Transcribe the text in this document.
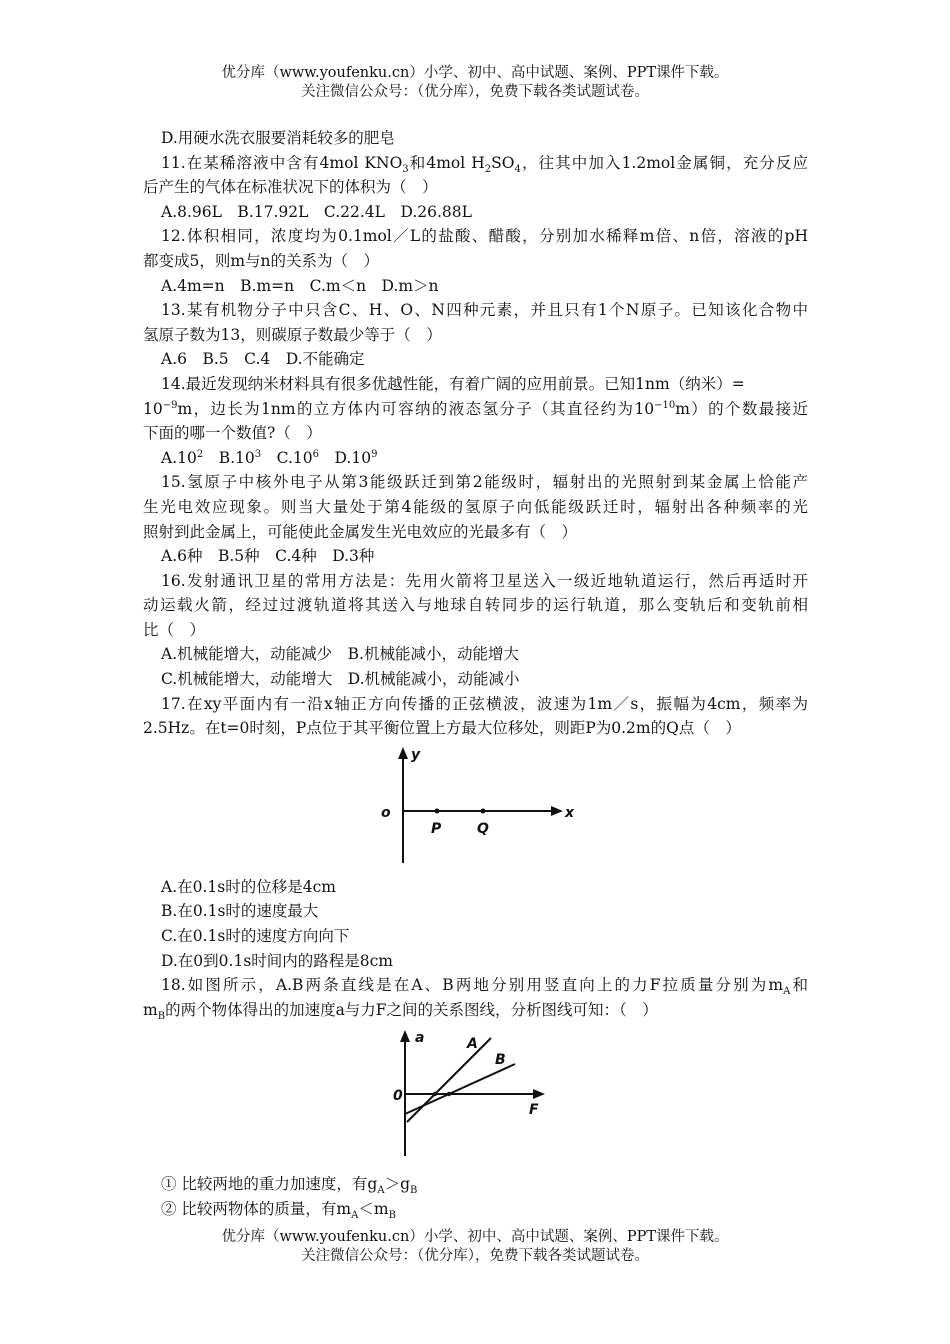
优分库（www.youfenku.cn）小学、初中、高中试题、案例、PPT课件下载。
关注微信公众号：（优分库），免费下载各类试题试卷。
D.用硬水洗衣服要消耗较多的肥皂
11.在某稀溶液中含有4mol $KNO_3$和4mol $H_2SO_4$，往其中加入1.2mol金属铜，充分反应
后产生的气体在标准状况下的体积为（　）
A.8.96L　B.17.92L　C.22.4L　D.26.88L
12.体积相同，浓度均为0.1mol／L的盐酸、醋酸，分别加水稀释m倍、n倍，溶液的pH
都变成5，则m与n的关系为（　）
A.4m=n　B.m=n　C.m＜n　D.m＞n
13.某有机物分子中只含C、H、O、N四种元素，并且只有1个N原子。已知该化合物中
氢原子数为13，则碳原子数最少等于（　）
A.6　B.5　C.4　D.不能确定
14.最近发现纳米材料具有很多优越性能，有着广阔的应用前景。已知1nm（纳米）=
$10^{-9}m$，边长为1nm的立方体内可容纳的液态氢分子（其直径约为$10^{-10}m$）的个数最接近
下面的哪一个数值?（　）
$A.10^2$　 $B.10^3$　 $C.10^6$　 $D.10^9$
15.氢原子中核外电子从第3能级跃迁到第2能级时，辐射出的光照射到某金属上恰能产
生光电效应现象。则当大量处于第4能级的氢原子向低能级跃迁时，辐射出各种频率的光
照射到此金属上，可能使此金属发生光电效应的光最多有（　）
A.6种　B.5种　C.4种　D.3种
16.发射通讯卫星的常用方法是：先用火箭将卫星送入一级近地轨道运行，然后再适时开
动运载火箭，经过过渡轨道将其送入与地球自转同步的运行轨道，那么变轨后和变轨前相
比（　）
A.机械能增大，动能减少　B.机械能减小，动能增大
C.机械能增大，动能增大　D.机械能减小，动能减小
17.在xy平面内有一沿x轴正方向传播的正弦横波，波速为1m／s，振幅为4cm，频率为
2.5Hz。在t=0时刻，P点位于其平衡位置上方最大位移处，则距P为0.2m的Q点（　）
y
x
o
P	Q
A.在0.1s时的位移是4cm
B.在0.1s时的速度最大
C.在0.1s时的速度方向向下
D.在0到0.1s时间内的路程是8cm
18.如图所示，A.B两条直线是在A、B两地分别用竖直向上的力F拉质量分别为$m_A$和
$m_B$的两个物体得出的加速度a与力F之间的关系图线，分析图线可知：（　）
a
0
F
A
B
① 比较两地的重力加速度，有$g_A>g_B$
② 比较两物体的质量，有$m_A<m_B$
优分库（www.youfenku.cn）小学、初中、高中试题、案例、PPT课件下载。
关注微信公众号：（优分库），免费下载各类试题试卷。
